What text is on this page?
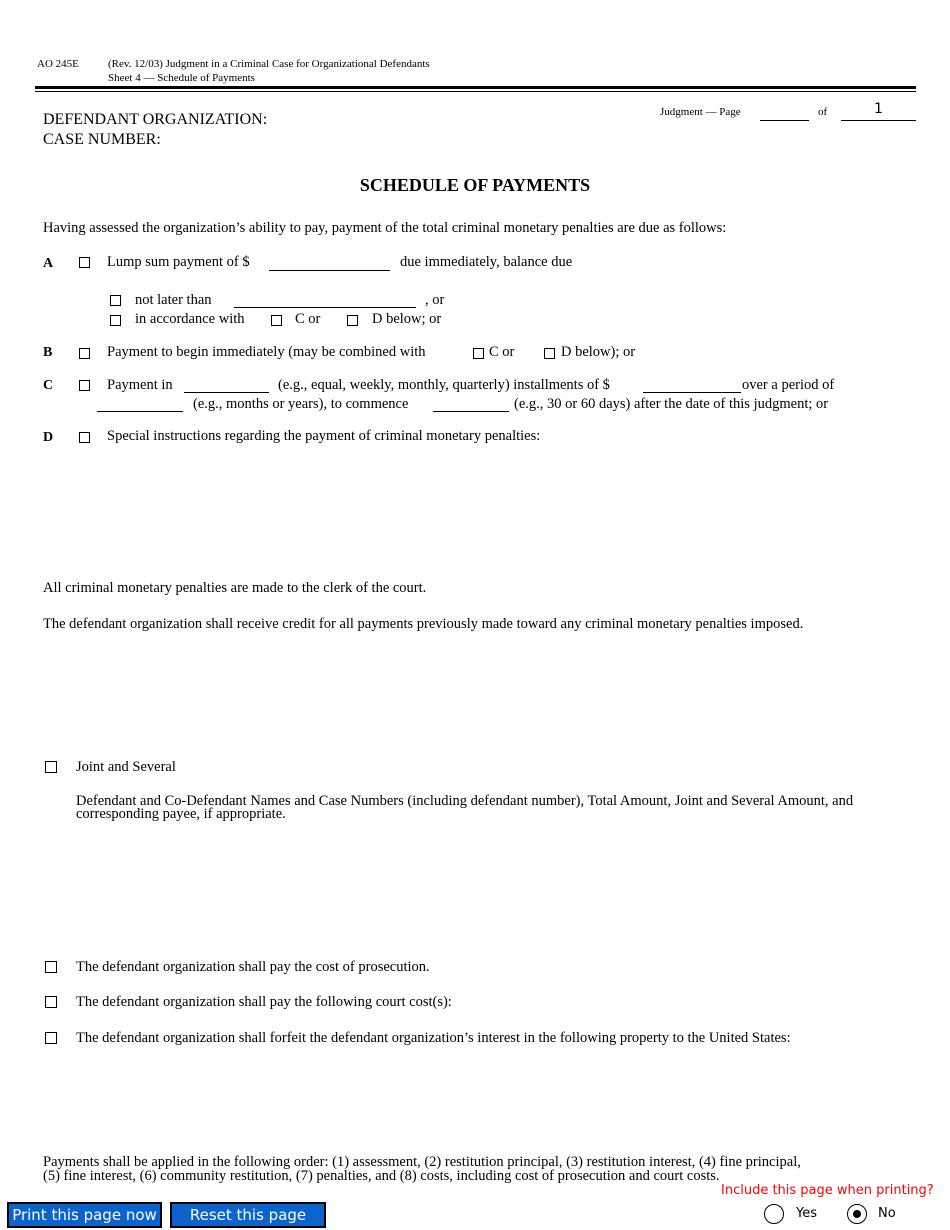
AO 245E	(Rev. 12/03) Judgment in a Criminal Case for Organizational Defendants
Sheet 4 — Schedule of Payments
Judgment — Page	of	1
DEFENDANT ORGANIZATION:
CASE NUMBER:
SCHEDULE OF PAYMENTS
Having assessed the organization’s ability to pay, payment of the total criminal monetary penalties are due as follows:
A	Lump sum payment of $	due immediately, balance due
not later than	, or
in accordance with	C or	D below; or
B	Payment to begin immediately (may be combined with	C or	D below); or
C	Payment in	(e.g., equal, weekly, monthly, quarterly) installments of $	over a period of
(e.g., months or years), to commence	(e.g., 30 or 60 days) after the date of this judgment; or
D	Special instructions regarding the payment of criminal monetary penalties:
All criminal monetary penalties are made to the clerk of the court.
The defendant organization shall receive credit for all payments previously made toward any criminal monetary penalties imposed.
Joint and Several
Defendant and Co-Defendant Names and Case Numbers (including defendant number), Total Amount, Joint and Several Amount, and
corresponding payee, if appropriate.
The defendant organization shall pay the cost of prosecution.
The defendant organization shall pay the following court cost(s):
The defendant organization shall forfeit the defendant organization’s interest in the following property to the United States:
Payments shall be applied in the following order: (1) assessment, (2) restitution principal, (3) restitution interest, (4) fine principal,
(5) fine interest, (6) community restitution, (7) penalties, and (8) costs, including cost of prosecution and court costs.
Include this page when printing?
Print this page now	Reset this page	Yes	No
